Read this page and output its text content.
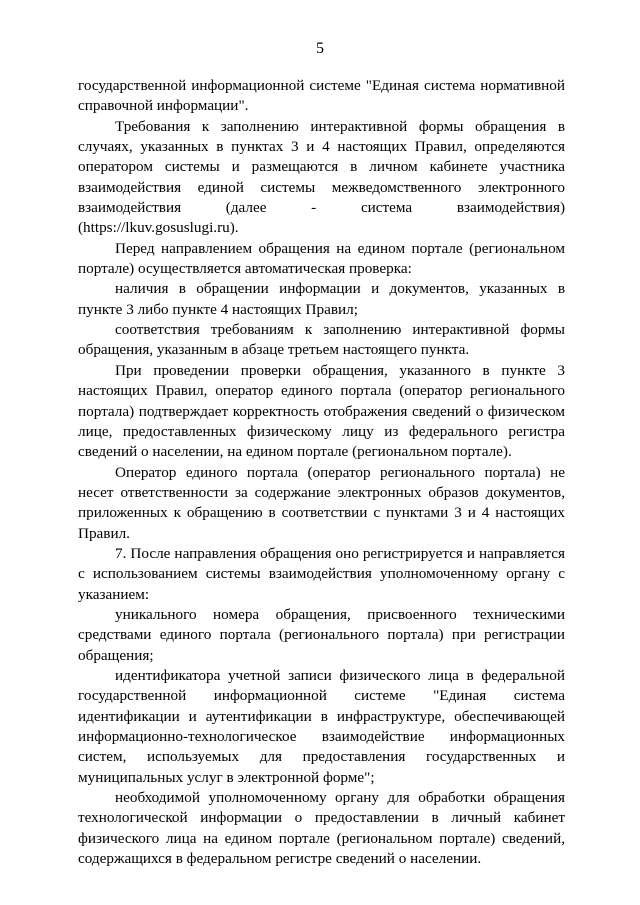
5

государственной информационной системе "Единая система нормативной справочной информации".

Требования к заполнению интерактивной формы обращения в случаях, указанных в пунктах 3 и 4 настоящих Правил, определяются оператором системы и размещаются в личном кабинете участника взаимодействия единой системы межведомственного электронного взаимодействия (далее - система взаимодействия) (https://lkuv.gosuslugi.ru).

Перед направлением обращения на едином портале (региональном портале) осуществляется автоматическая проверка:

наличия в обращении информации и документов, указанных в пункте 3 либо пункте 4 настоящих Правил;

соответствия требованиям к заполнению интерактивной формы обращения, указанным в абзаце третьем настоящего пункта.

При проведении проверки обращения, указанного в пункте 3 настоящих Правил, оператор единого портала (оператор регионального портала) подтверждает корректность отображения сведений о физическом лице, предоставленных физическому лицу из федерального регистра сведений о населении, на едином портале (региональном портале).

Оператор единого портала (оператор регионального портала) не несет ответственности за содержание электронных образов документов, приложенных к обращению в соответствии с пунктами 3 и 4 настоящих Правил.

7. После направления обращения оно регистрируется и направляется с использованием системы взаимодействия уполномоченному органу с указанием:

уникального номера обращения, присвоенного техническими средствами единого портала (регионального портала) при регистрации обращения;

идентификатора учетной записи физического лица в федеральной государственной информационной системе "Единая система идентификации и аутентификации в инфраструктуре, обеспечивающей информационно-технологическое взаимодействие информационных систем, используемых для предоставления государственных и муниципальных услуг в электронной форме";

необходимой уполномоченному органу для обработки обращения технологической информации о предоставлении в личный кабинет физического лица на едином портале (региональном портале) сведений, содержащихся в федеральном регистре сведений о населении.
